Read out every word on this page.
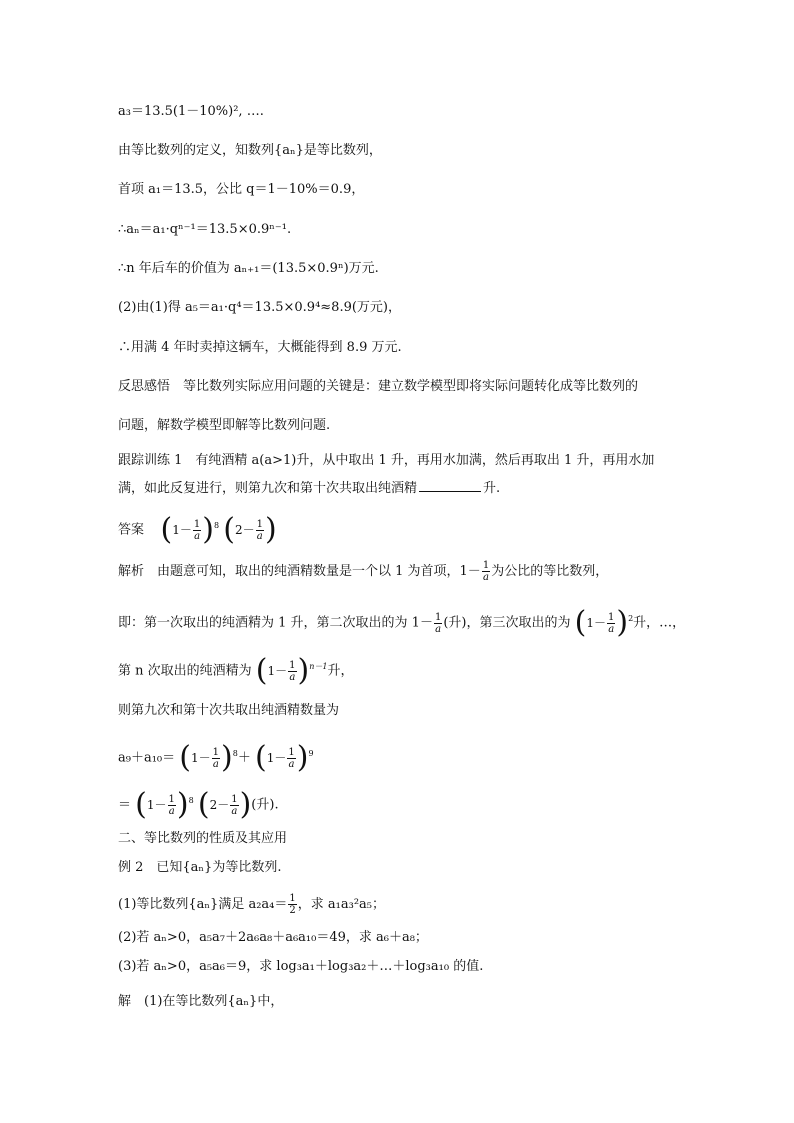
a₃＝13.5(1－10%)², ….
由等比数列的定义，知数列{aₙ}是等比数列，
首项 a₁＝13.5，公比 q＝1－10%＝0.9，
∴aₙ＝a₁·qⁿ⁻¹＝13.5×0.9ⁿ⁻¹.
∴n 年后车的价值为 aₙ₊₁＝(13.5×0.9ⁿ)万元.
(2)由(1)得 a₅＝a₁·q⁴＝13.5×0.9⁴≈8.9(万元)，
∴用满 4 年时卖掉这辆车，大概能得到 8.9 万元.
反思感悟　等比数列实际应用问题的关键是：建立数学模型即将实际问题转化成等比数列的
问题，解数学模型即解等比数列问题.
跟踪训练 1　有纯酒精 a(a>1)升，从中取出 1 升，再用水加满，然后再取出 1 升，再用水加
满，如此反复进行，则第九次和第十次共取出纯酒精	升.
答案 $(1- \frac{1}{a} )^8$ ($2- \frac{1}{a}$ )
解析　由题意可知，取出的纯酒精数量是一个以 1 为首项，$1- \frac{1}{a}$ 为公比的等比数列，
即：第一次取出的纯酒精为 1 升，第二次取出的为 $1- \frac{1}{a}$ (升)，第三次取出的为 $(1- \frac{1}{a} )^2$升，…，
第 n 次取出的纯酒精为 $(1- \frac{1}{a} )^{n-1}$升，
则第九次和第十次共取出纯酒精数量为
$a_9+a_{10}= (1- \frac{1}{a} )^8+ (1- \frac{1}{a} )^9$
＝ $(1- \frac{1}{a} )^8$ ($2- \frac{1}{a}$ )(升).
二、等比数列的性质及其应用
例 2　已知{aₙ}为等比数列.
(1)等比数列{aₙ}满足 $a_2a_4= \frac{1}{2}$ ，求 a₁a₃²a₅；
(2)若 aₙ>0，a₅a₇＋2a₆a₈＋a₆a₁₀＝49，求 a₆＋a₈；
(3)若 aₙ>0，a₅a₆＝9，求 log₃a₁＋log₃a₂＋…＋log₃a₁₀ 的值.
解　(1)在等比数列{aₙ}中，
